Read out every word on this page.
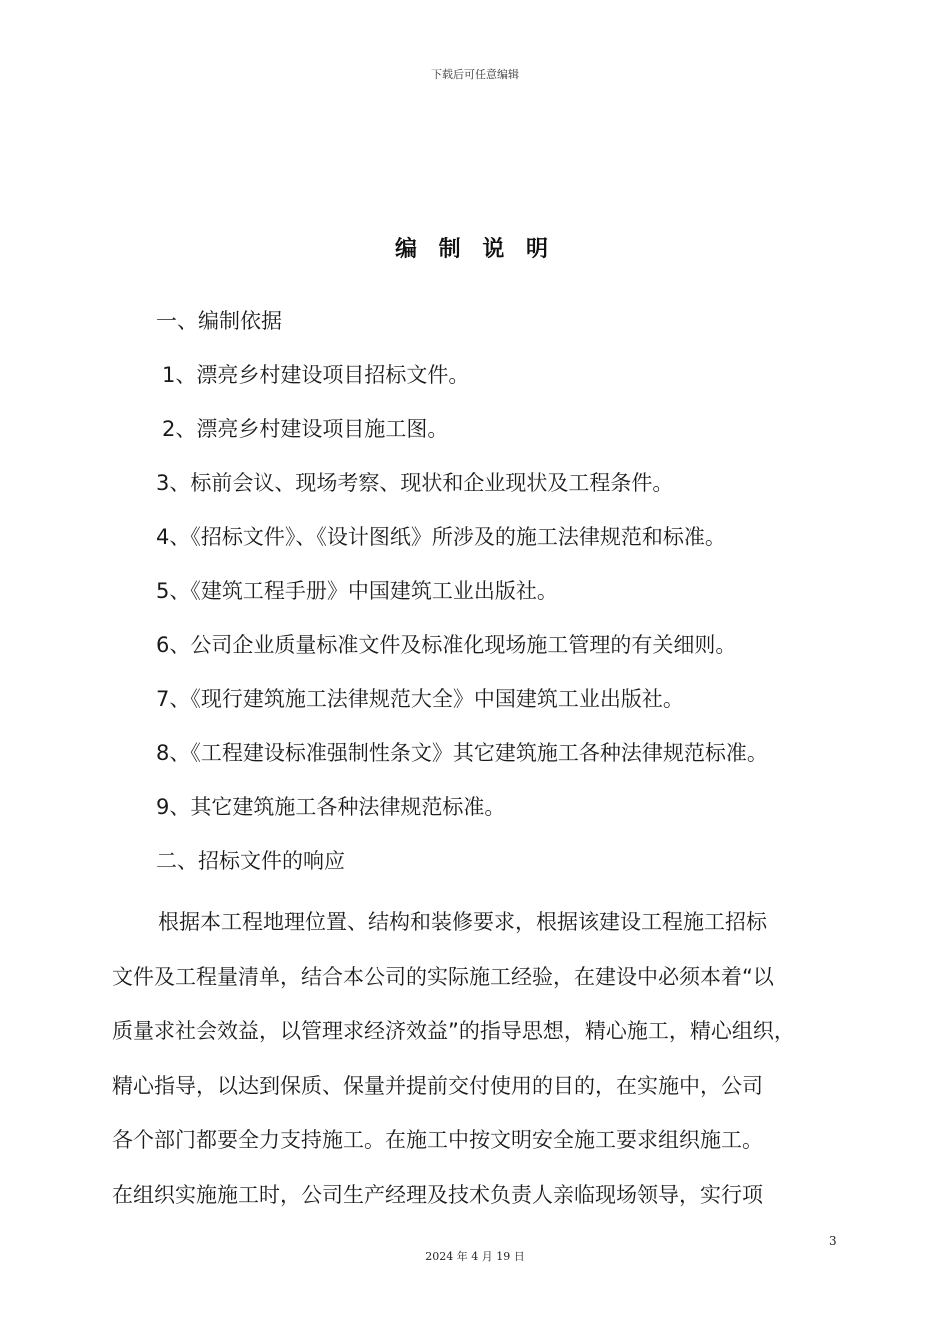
下载后可任意编辑
编 制 说 明
一、编制依据
1、漂亮乡村建设项目招标文件。
2、漂亮乡村建设项目施工图。
3、标前会议、现场考察、现状和企业现状及工程条件。
4、《招标文件》、《设计图纸》所涉及的施工法律规范和标准。
5、《建筑工程手册》中国建筑工业出版社。
6、公司企业质量标准文件及标准化现场施工管理的有关细则。
7、《现行建筑施工法律规范大全》中国建筑工业出版社。
8、《工程建设标准强制性条文》其它建筑施工各种法律规范标准。
9、其它建筑施工各种法律规范标准。
二、招标文件的响应
根据本工程地理位置、结构和装修要求，根据该建设工程施工招标
文件及工程量清单，结合本公司的实际施工经验，在建设中必须本着“以
质量求社会效益，以管理求经济效益”的指导思想，精心施工，精心组织，
精心指导，以达到保质、保量并提前交付使用的目的，在实施中，公司
各个部门都要全力支持施工。在施工中按文明安全施工要求组织施工。
在组织实施施工时，公司生产经理及技术负责人亲临现场领导，实行项
3
2024 年 4 月 19 日
